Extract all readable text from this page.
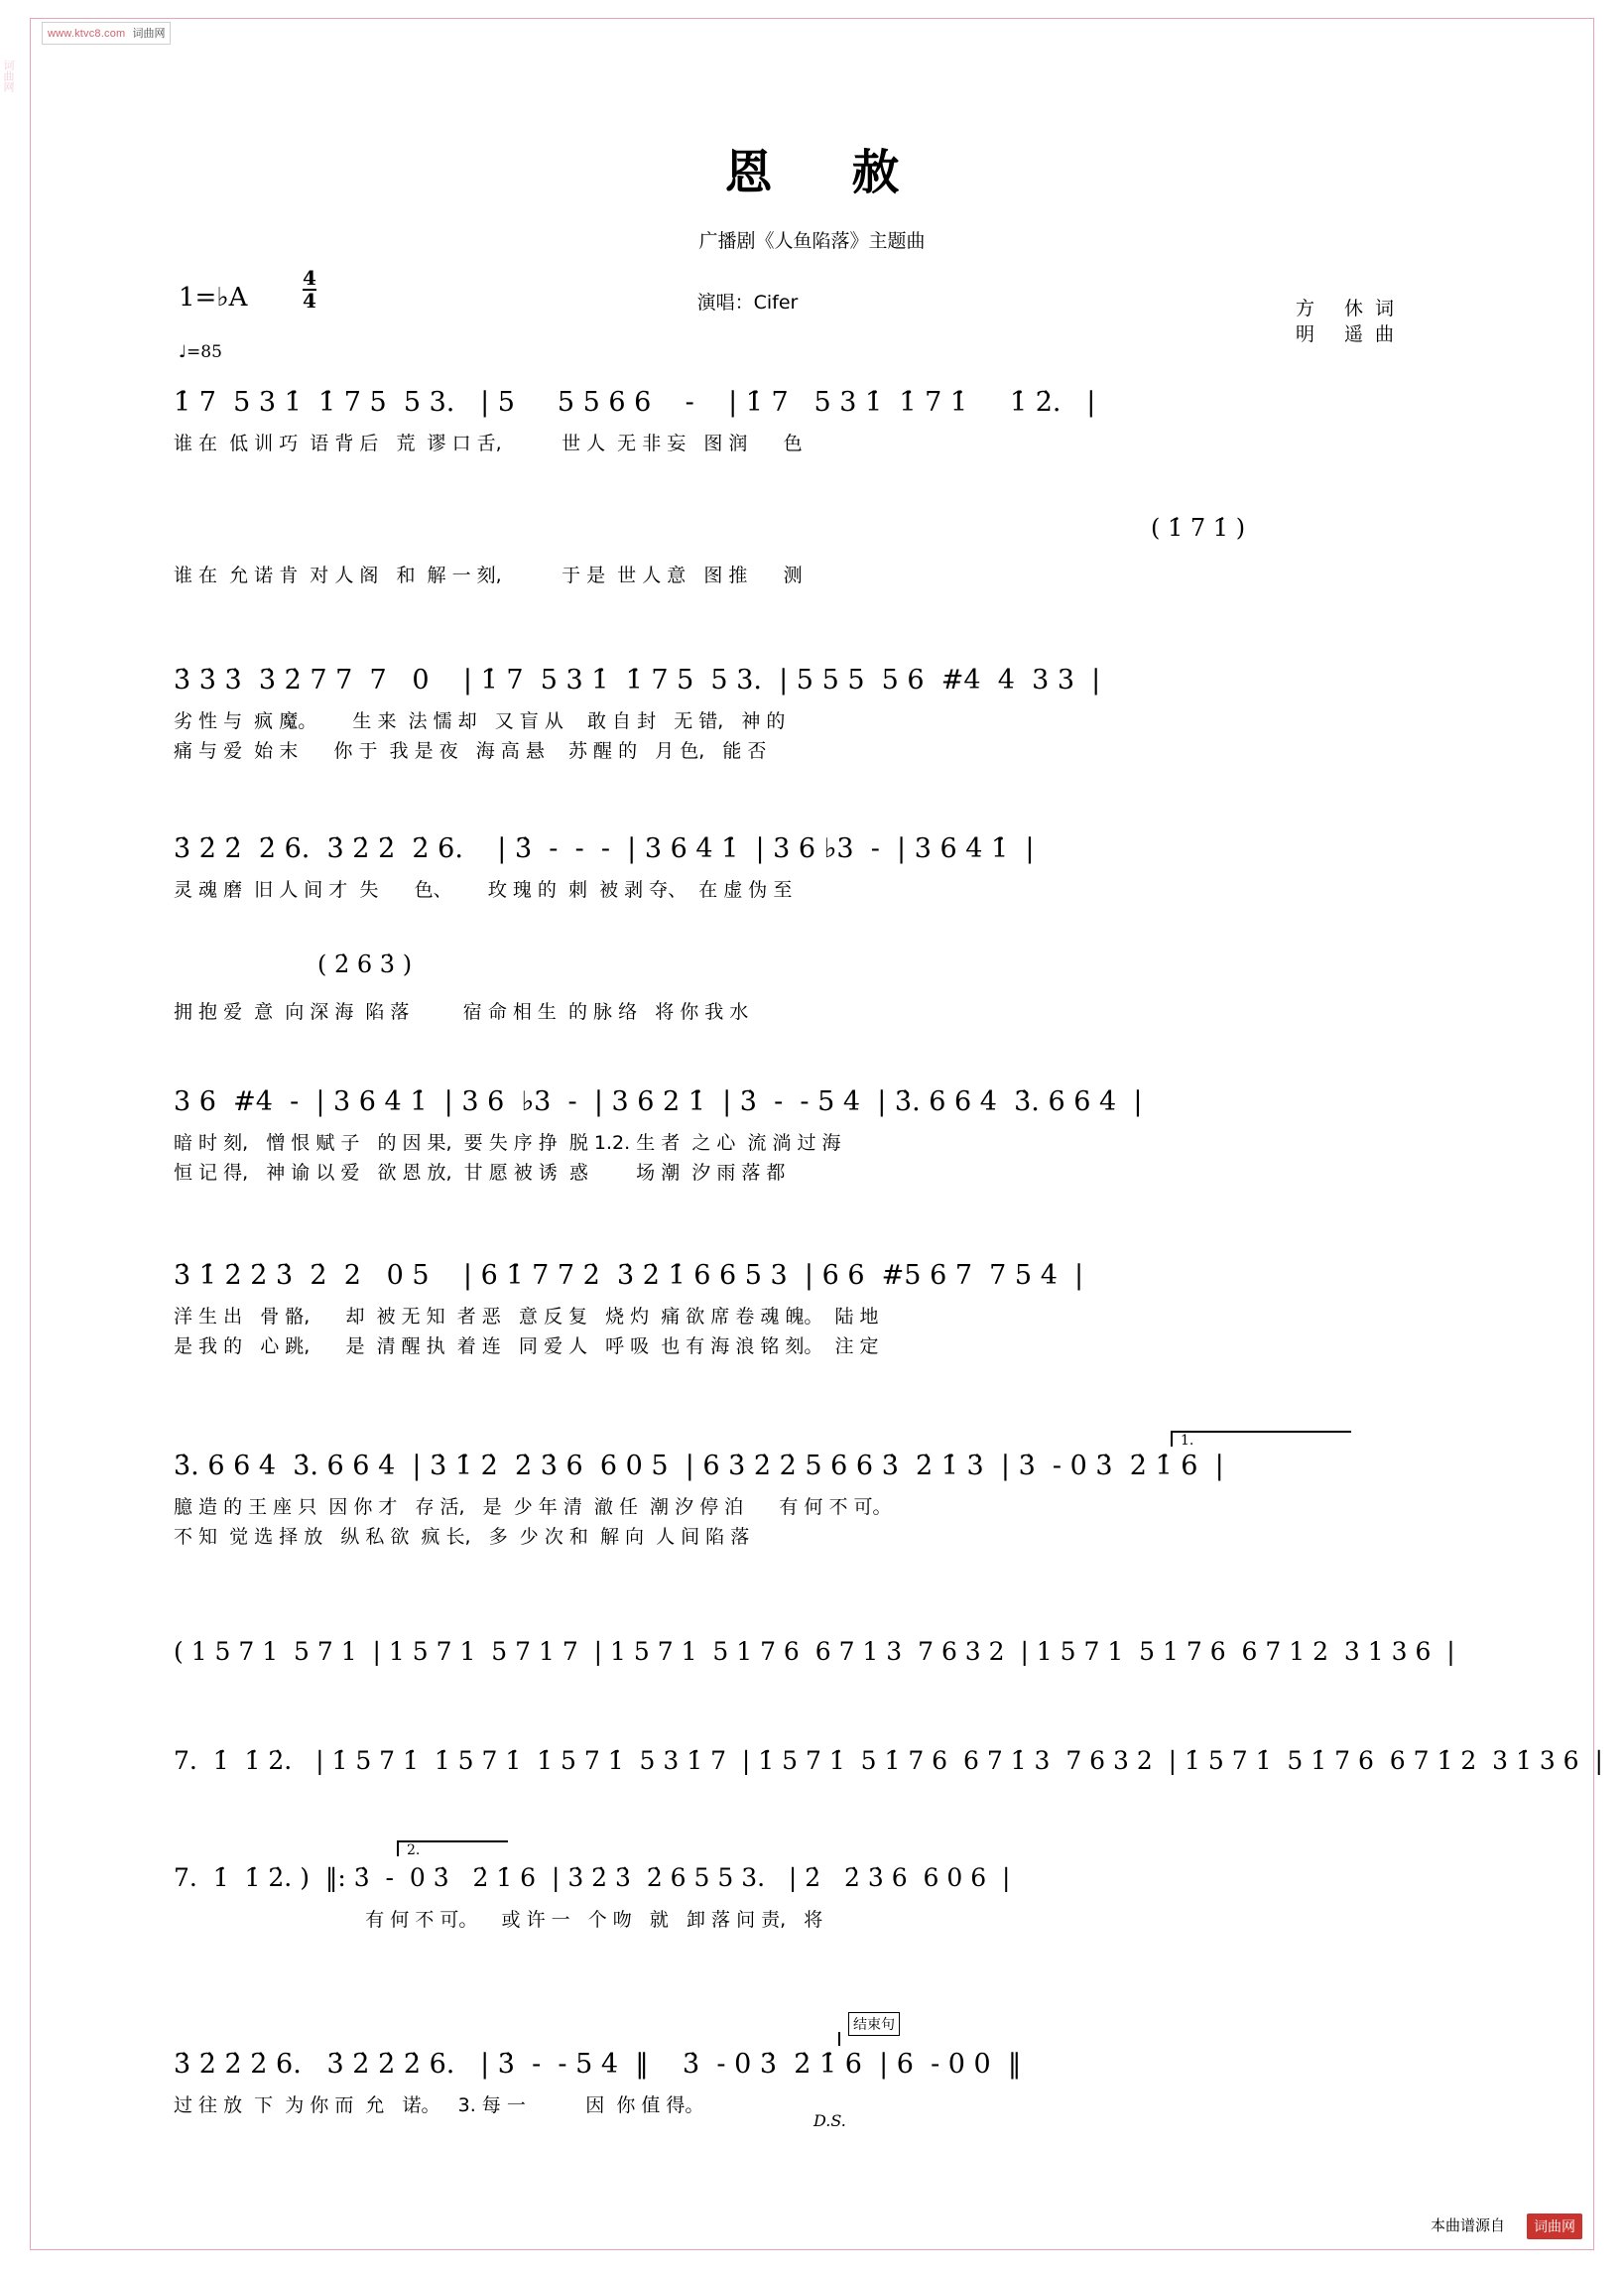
www.ktvc8.com 词曲网
词曲网
恩赦
广播剧《人鱼陷落》主题曲
演唱：Cifer	方 休词
明 遥曲
1=♭A	$\frac{4}{4}$
♩=85
1̇ 7  5 3 1̇  1̇ 7 5  5 3.   | 5     5 5 6 6    -    | 1̇ 7   5 3 1̇  1̇ 7 1̇     1̇ 2̇.   |
谁 在  低 训 巧  语 背 后   荒  谬 口 舌,          世 人  无 非 妄   图 润      色
( 1̇ 7 1̇ )
谁 在  允 诺 肯  对 人 阁   和  解 一 刻,          于 是  世 人 意   图 推      测
3̇ 3̇ 3̇  3̇ 2̇ 7 7  7   0    | 1̇ 7  5 3 1̇  1̇ 7 5  5 3.  | 5 5 5  5 6  #4  4  3 3  |
劣 性 与  疯 魔。      生 来  法 懦 却   又 盲 从    敢 自 封   无 错,   神 的
痛 与 爱  始 末      你 于  我 是 夜   海 高 悬    苏 醒 的   月 色,   能 否
3̇ 2̇ 2̇  2̇ 6.  3̇ 2̇ 2̇  2̇ 6.    | 3̇  -  -  -  | 3 6 4 1̇  | 3 6 ♭3  -  | 3 6 4 1̇  |
灵 魂 磨  旧 人 间 才  失      色、      玫 瑰 的  刺  被 剥 夺、  在 虚 伪 至
( 2̇ 6 3̇ )
拥 抱 爱  意  向 深 海  陷 落         宿 命 相 生  的 脉 络   将 你 我 水
3 6  #4  -  | 3 6 4 1̇  | 3 6  ♭3  -  | 3 6 2 1̇  | 3̇  -  - 5 4  | 3̇. 6 6 4  3̇. 6 6 4  |
暗 时 刻,   憎 恨 赋 子   的 因 果,  要 失 序 挣  脱 1.2. 生 者  之 心  流 淌 过 海
恒 记 得,   神 谕 以 爱   欲 恩 放,  甘 愿 被 诱  惑        场 潮  汐 雨 落 都
3̇ 1̇ 2̇ 2̇ 3̇  2̇  2   0 5    | 6 1̇ 7 7 2̇  3̇ 2̇ 1̇ 6 6 5 3  | 6 6  #5 6 7  7 5 4  |
洋 生 出   骨 骼,      却  被 无 知  者 恶   意 反 复   烧 灼  痛 欲 席 卷 魂 魄。  陆 地
是 我 的   心 跳,      是  清 醒 执  着 连   同 爱 人   呼 吸  也 有 海 浪 铭 刻。  注 定
1.
3̇. 6 6 4  3̇. 6 6 4  | 3̇ 1̇ 2̇  2̇ 3̇ 6  6 0 5  | 6 3̇ 2̇ 2̇ 5 6 6 3̇  2̇ 1̇ 3̇  | 3̇  - 0 3̇  2̇ 1̇ 6  |
臆 造 的 王 座 只  因 你 才   存 活,   是  少 年 清  澈 任  潮 汐 停 泊      有 何 不 可。
不 知  觉 选 择 放   纵 私 欲  疯 长,   多  少 次 和  解 向  人 间 陷 落
( 1 5 7 1  5 7 1  | 1 5 7 1  5 7 1 7  | 1 5 7 1  5 1 7 6  6 7 1 3  7 6 3 2  | 1 5 7 1  5 1 7 6  6 7 1 2  3 1 3 6  |
7.  1̇  1̇ 2̇.   | 1̇ 5 7 1̇  1̇ 5 7 1̇  1̇ 5 7 1̇  5 3 1̇ 7  | 1̇ 5 7 1̇  5 1̇ 7 6  6 7 1̇ 3  7 6 3 2  | 1̇ 5 7 1̇  5 1̇ 7 6  6 7 1̇ 2  3 1̇ 3 6  |
2.
7.  1̇  1̇ 2̇. )  ‖: 3̇  -  0 3̇   2̇ 1̇ 6  | 3̇ 2̇ 3̇  2̇ 6 5 5 3.   | 2̇   2̇ 3̇ 6  6 0 6  |
有 何 不 可。    或 许 一   个 吻   就   卸 落 问 责,   将
结束句
3̇ 2̇ 2̇ 2̇ 6.   3̇ 2̇ 2̇ 2̇ 6.   | 3̇  -  - 5 4  ‖    3̇  - 0 3̇  2̇ 1̇ 6  | 6  - 0 0  ‖
过 往 放  下  为 你 而  允   诺。   3. 每 一          因  你 值 得。
D.S.
本曲谱源自	词曲网
